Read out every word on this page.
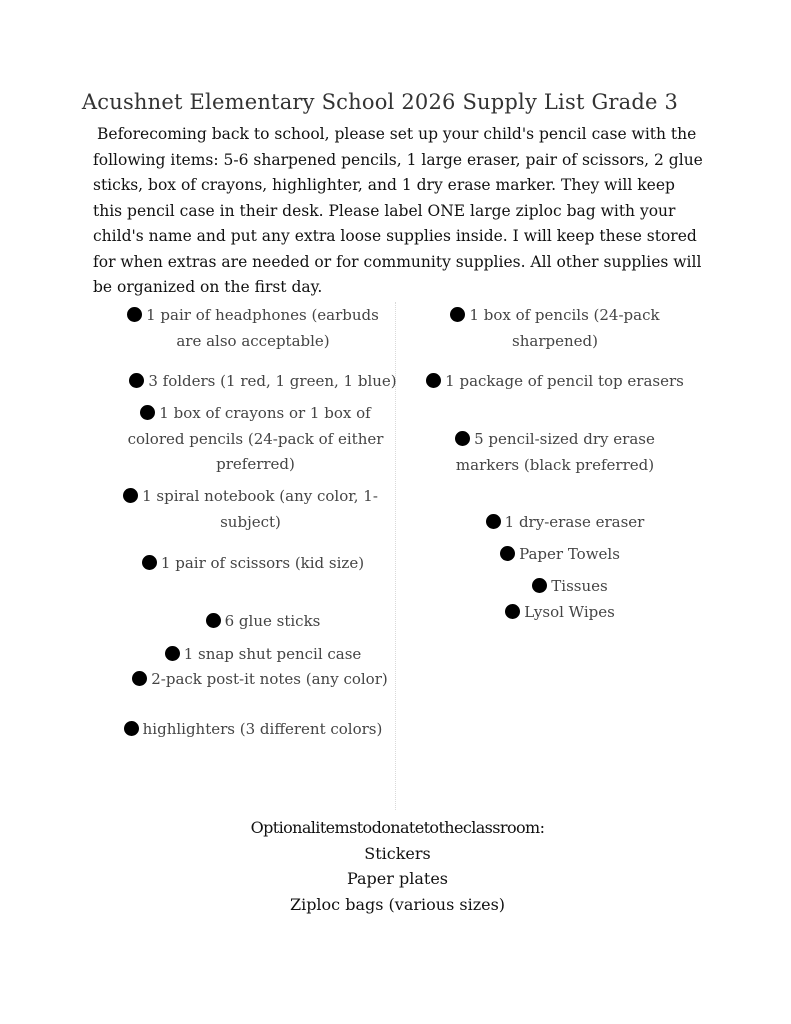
Acushnet Elementary School 2026 Supply List Grade 3

Beforecoming back to school, please set up your child's pencil case with the following items: 5-6 sharpened pencils, 1 large eraser, pair of scissors, 2 glue sticks, box of crayons, highlighter, and 1 dry erase marker. They will keep this pencil case in their desk. Please label ONE large ziploc bag with your child's name and put any extra loose supplies inside. I will keep these stored for when extras are needed or for community supplies. All other supplies will be organized on the first day.

1 pair of headphones (earbuds are also acceptable)
3 folders (1 red, 1 green, 1 blue)
1 box of crayons or 1 box of colored pencils (24-pack of either preferred)
1 spiral notebook (any color, 1-subject)
1 pair of scissors (kid size)
6 glue sticks
1 snap shut pencil case
2-pack post-it notes (any color)
highlighters (3 different colors)
1 box of pencils (24-pack sharpened)
1 package of pencil top erasers
5 pencil-sized dry erase markers (black preferred)
1 dry-erase eraser
Paper Towels
Tissues
Lysol Wipes
Optionalitemstodonatetotheclassroom:
Stickers
Paper plates
Ziploc bags (various sizes)
